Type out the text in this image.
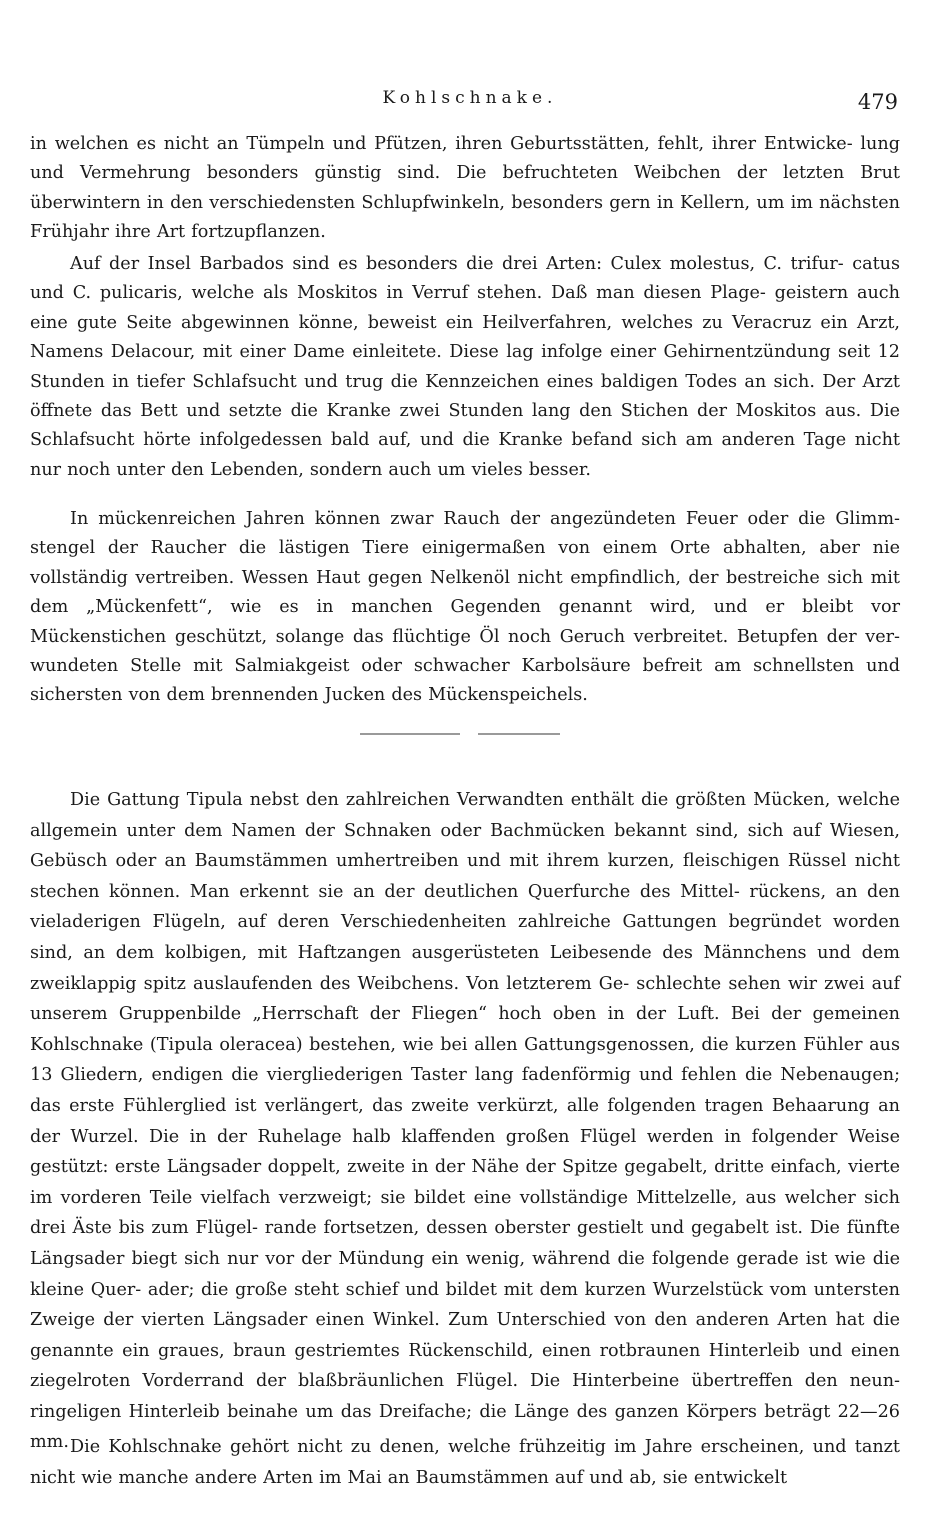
Kohlschnake.	479

in welchen es nicht an Tümpeln und Pfützen, ihren Geburtsstätten, fehlt, ihrer Entwicke- lung und Vermehrung besonders günstig sind. Die befruchteten Weibchen der letzten Brut überwintern in den verschiedensten Schlupfwinkeln, besonders gern in Kellern, um im nächsten Frühjahr ihre Art fortzupflanzen.

Auf der Insel Barbados sind es besonders die drei Arten: Culex molestus, C. trifur- catus und C. pulicaris, welche als Moskitos in Verruf stehen. Daß man diesen Plage- geistern auch eine gute Seite abgewinnen könne, beweist ein Heilverfahren, welches zu Veracruz ein Arzt, Namens Delacour, mit einer Dame einleitete. Diese lag infolge einer Gehirnentzündung seit 12 Stunden in tiefer Schlafsucht und trug die Kennzeichen eines baldigen Todes an sich. Der Arzt öffnete das Bett und setzte die Kranke zwei Stunden lang den Stichen der Moskitos aus. Die Schlafsucht hörte infolgedessen bald auf, und die Kranke befand sich am anderen Tage nicht nur noch unter den Lebenden, sondern auch um vieles besser.

In mückenreichen Jahren können zwar Rauch der angezündeten Feuer oder die Glimm- stengel der Raucher die lästigen Tiere einigermaßen von einem Orte abhalten, aber nie vollständig vertreiben. Wessen Haut gegen Nelkenöl nicht empfindlich, der bestreiche sich mit dem „Mückenfett“, wie es in manchen Gegenden genannt wird, und er bleibt vor Mückenstichen geschützt, solange das flüchtige Öl noch Geruch verbreitet. Betupfen der ver- wundeten Stelle mit Salmiakgeist oder schwacher Karbolsäure befreit am schnellsten und sichersten von dem brennenden Jucken des Mückenspeichels.

Die Gattung Tipula nebst den zahlreichen Verwandten enthält die größten Mücken, welche allgemein unter dem Namen der Schnaken oder Bachmücken bekannt sind, sich auf Wiesen, Gebüsch oder an Baumstämmen umhertreiben und mit ihrem kurzen, fleischigen Rüssel nicht stechen können. Man erkennt sie an der deutlichen Querfurche des Mittel- rückens, an den vieladerigen Flügeln, auf deren Verschiedenheiten zahlreiche Gattungen begründet worden sind, an dem kolbigen, mit Haftzangen ausgerüsteten Leibesende des Männchens und dem zweiklappig spitz auslaufenden des Weibchens. Von letzterem Ge- schlechte sehen wir zwei auf unserem Gruppenbilde „Herrschaft der Fliegen“ hoch oben in der Luft. Bei der gemeinen Kohlschnake (Tipula oleracea) bestehen, wie bei allen Gattungsgenossen, die kurzen Fühler aus 13 Gliedern, endigen die viergliederigen Taster lang fadenförmig und fehlen die Nebenaugen; das erste Fühlerglied ist verlängert, das zweite verkürzt, alle folgenden tragen Behaarung an der Wurzel. Die in der Ruhelage halb klaffenden großen Flügel werden in folgender Weise gestützt: erste Längsader doppelt, zweite in der Nähe der Spitze gegabelt, dritte einfach, vierte im vorderen Teile vielfach verzweigt; sie bildet eine vollständige Mittelzelle, aus welcher sich drei Äste bis zum Flügel- rande fortsetzen, dessen oberster gestielt und gegabelt ist. Die fünfte Längsader biegt sich nur vor der Mündung ein wenig, während die folgende gerade ist wie die kleine Quer- ader; die große steht schief und bildet mit dem kurzen Wurzelstück vom untersten Zweige der vierten Längsader einen Winkel. Zum Unterschied von den anderen Arten hat die genannte ein graues, braun gestriemtes Rückenschild, einen rotbraunen Hinterleib und einen ziegelroten Vorderrand der blaßbräunlichen Flügel. Die Hinterbeine übertreffen den neun- ringeligen Hinterleib beinahe um das Dreifache; die Länge des ganzen Körpers beträgt 22—26 mm. Die Kohlschnake gehört nicht zu denen, welche frühzeitig im Jahre erscheinen, und tanzt nicht wie manche andere Arten im Mai an Baumstämmen auf und ab, sie entwickelt
